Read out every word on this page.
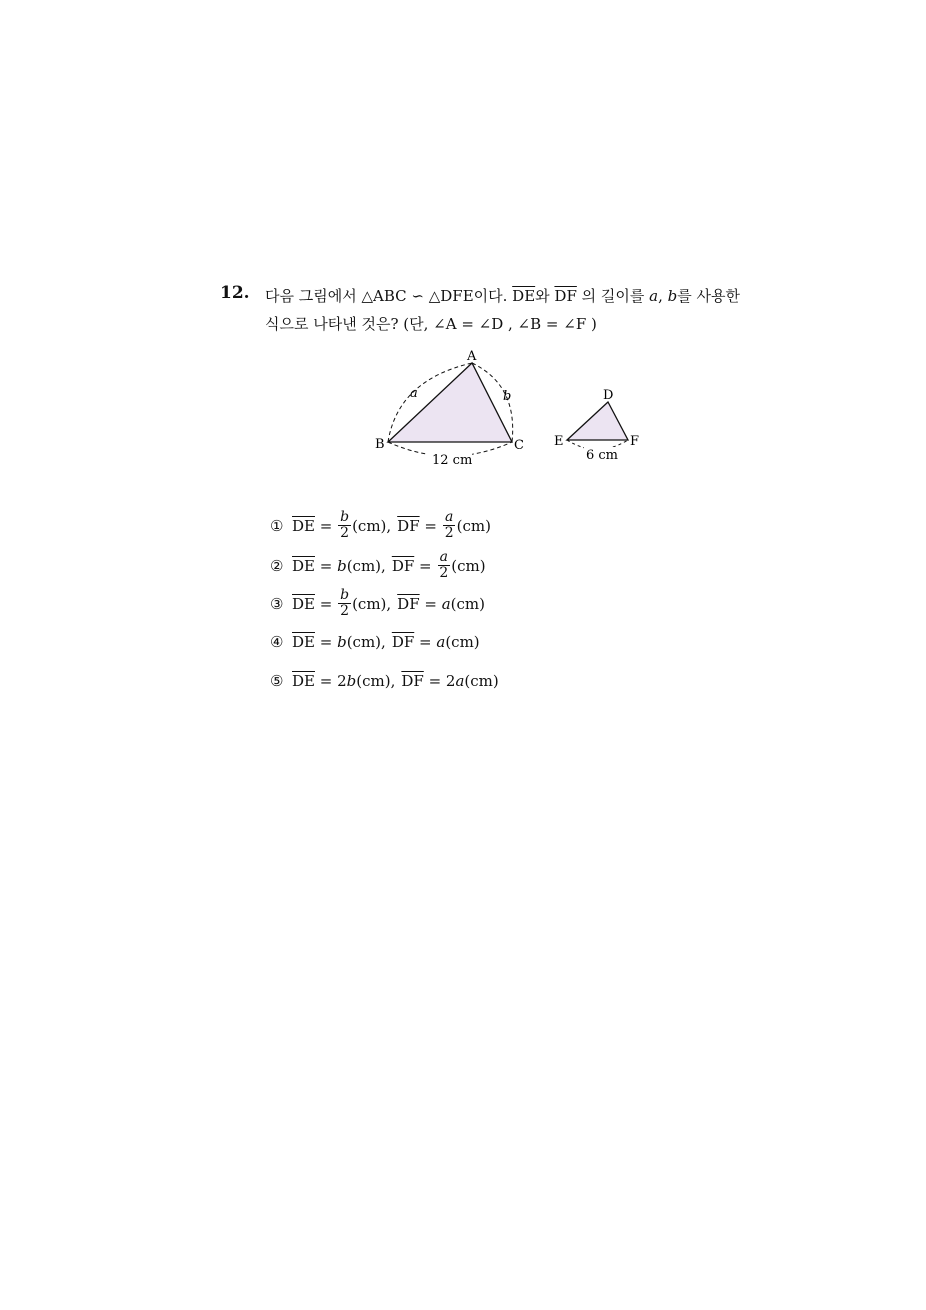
12. 다음 그림에서 △ABC ∽ △DFE이다. $\overline{DE}$와 $\overline{DF}$ 의 길이를 a, b를 사용한
식으로 나타낸 것은? (단, ∠A = ∠D , ∠B = ∠F )
A
B	C
a	b
12 cm
D
E	F
6 cm
① $\overline{DE} = \frac{b}{2} (cm)$, $\overline{DF} = \frac{a}{2} (cm)$
② $\overline{DE} = b$ (cm), $\overline{DF} = \frac{a}{2} (cm)$
③ $\overline{DE} = \frac{b}{2} (cm)$, $\overline{DF} = a$ (cm)
④ $\overline{DE} = b$ (cm), $\overline{DF} = a$ (cm)
⑤ $\overline{DE} = 2$ b (cm), $\overline{DF} = 2$ a (cm)
